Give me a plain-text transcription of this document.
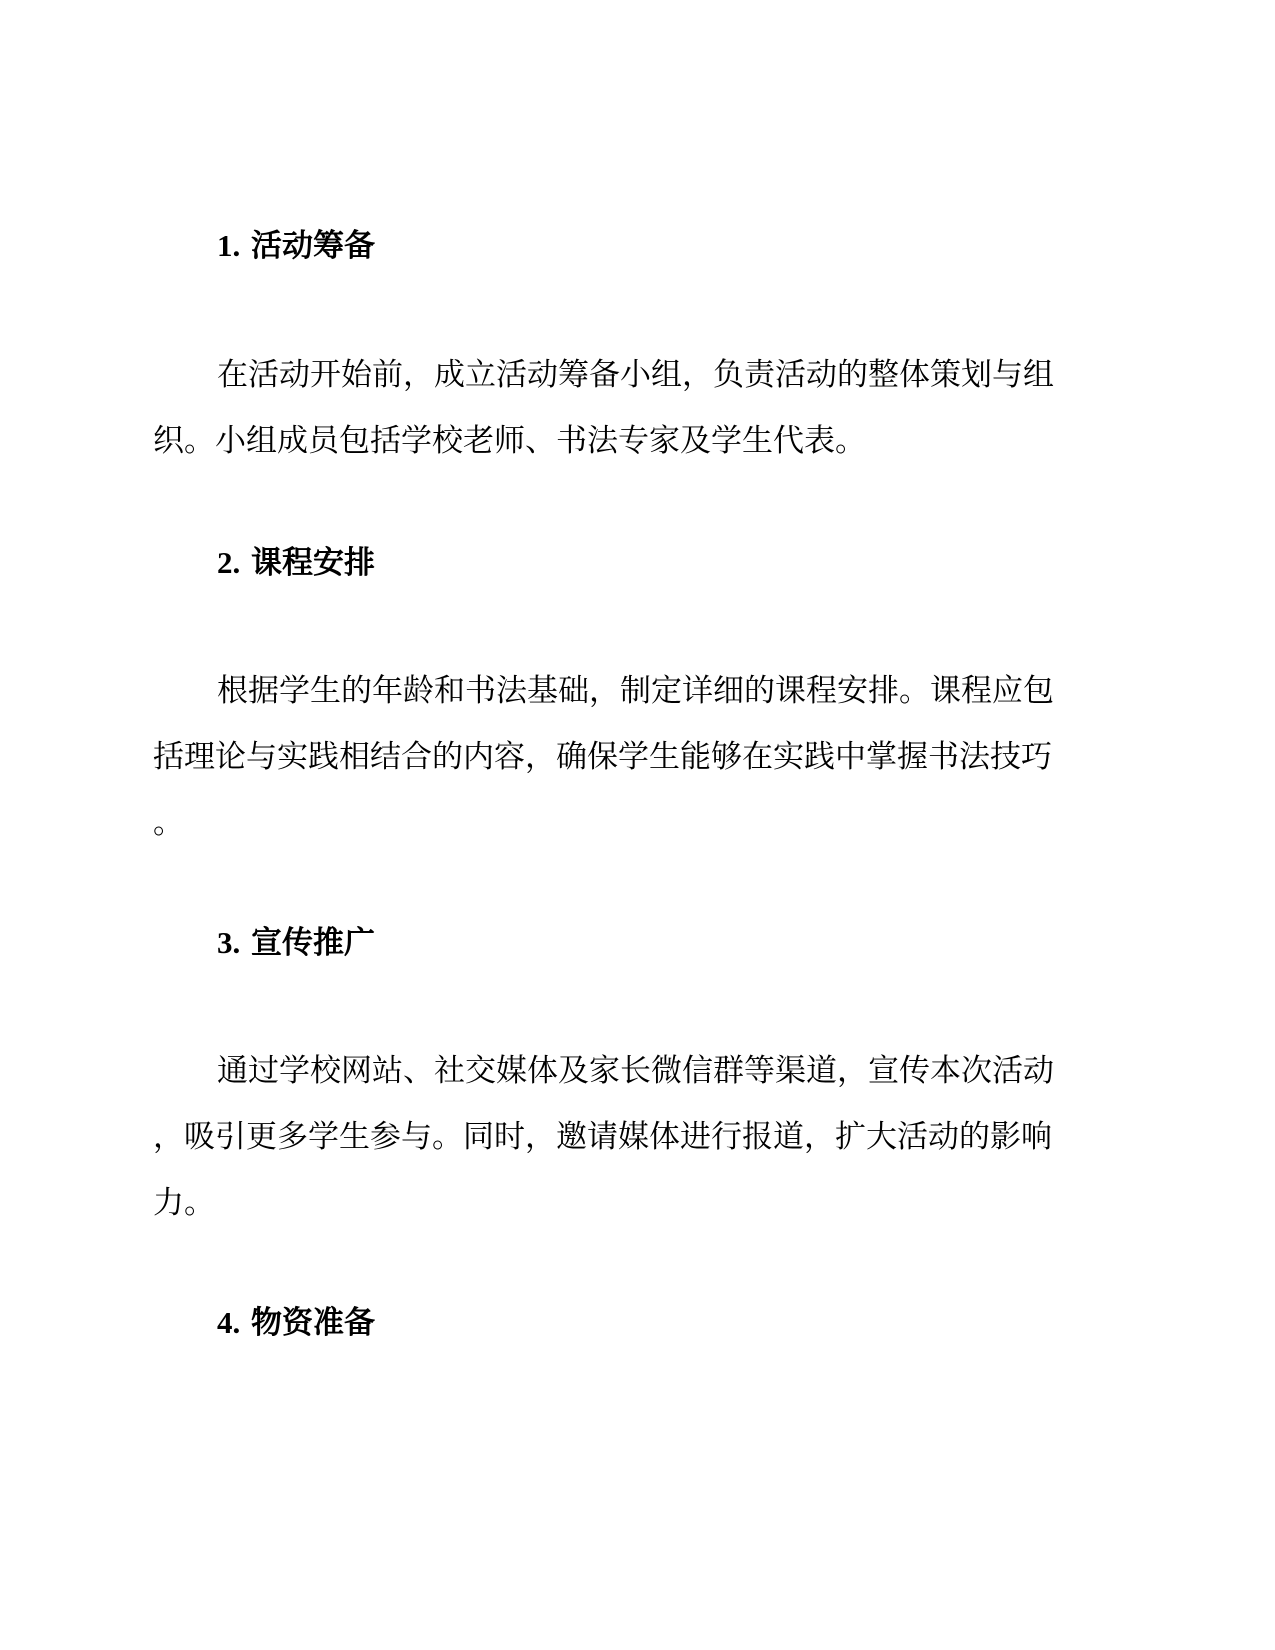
1. 活动筹备

在活动开始前，成立活动筹备小组，负责活动的整体策划与组
织。小组成员包括学校老师、书法专家及学生代表。

2. 课程安排

根据学生的年龄和书法基础，制定详细的课程安排。课程应包
括理论与实践相结合的内容，确保学生能够在实践中掌握书法技巧
。

3. 宣传推广

通过学校网站、社交媒体及家长微信群等渠道，宣传本次活动
，吸引更多学生参与。同时，邀请媒体进行报道，扩大活动的影响
力。

4. 物资准备
